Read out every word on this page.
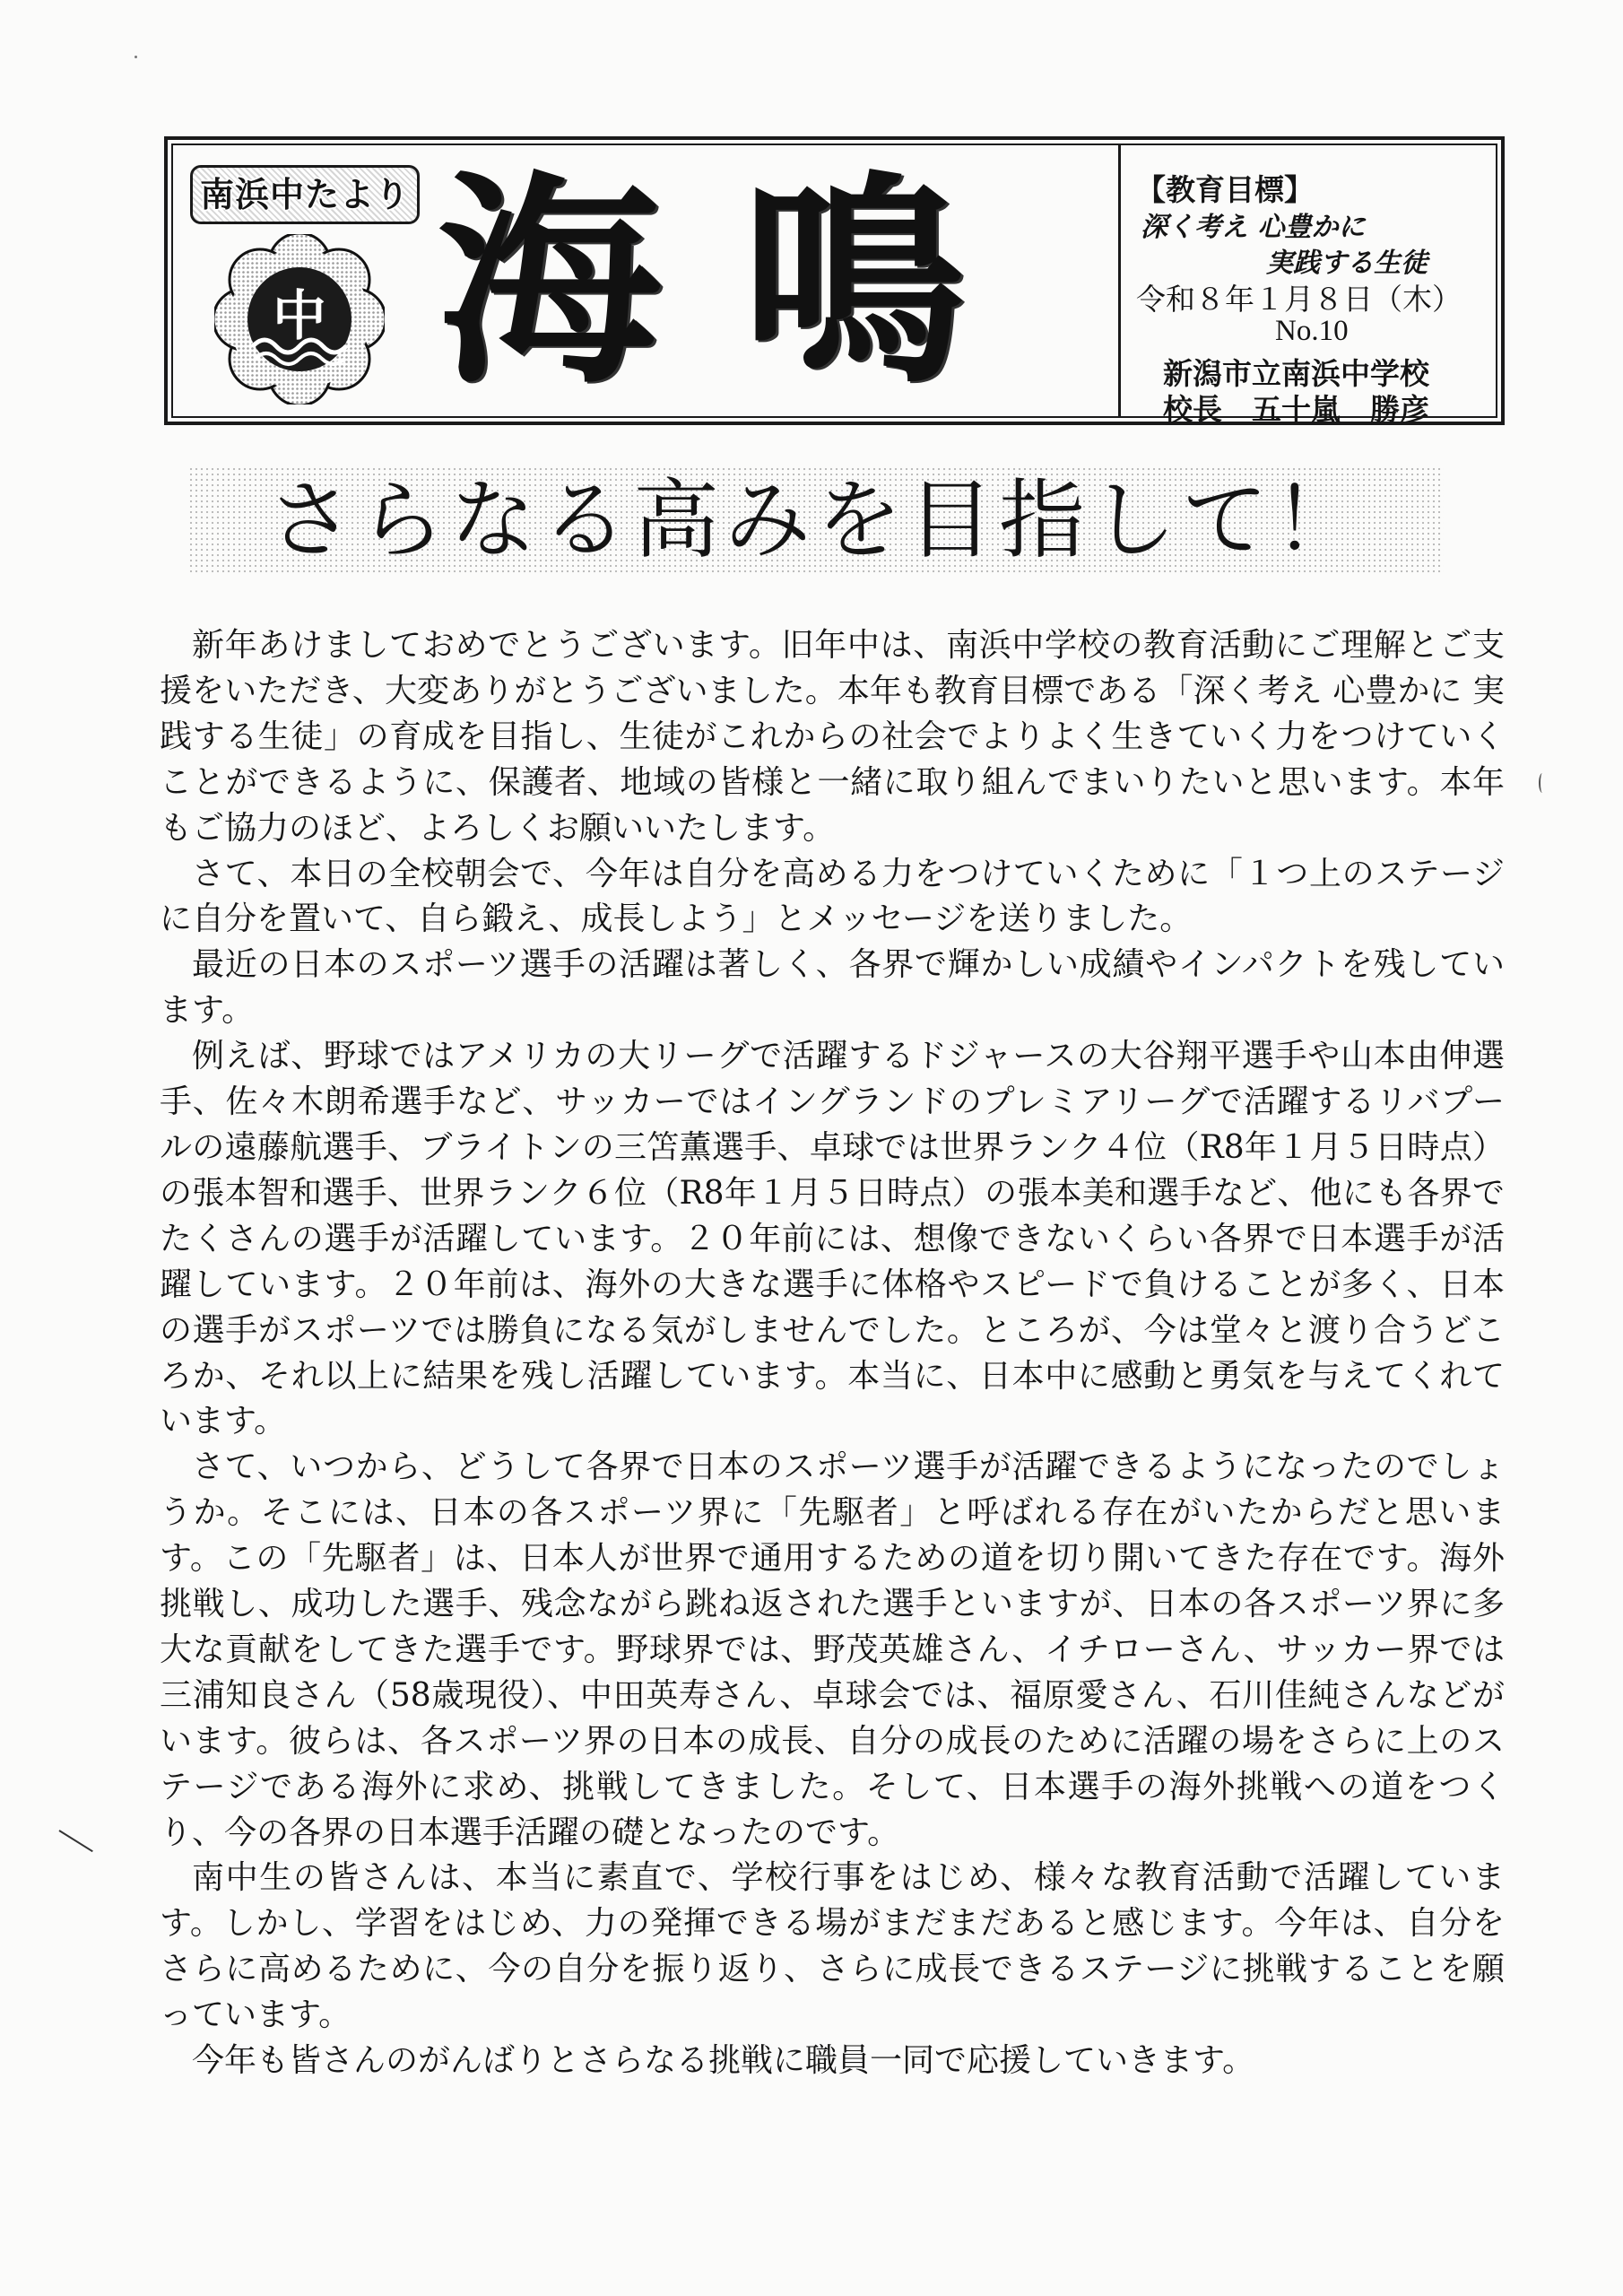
南浜中たより
中 海鳴	【教育目標】
深く考え 心豊かに
実践する生徒
令和８年１月８日（木）
No.10
新潟市立南浜中学校
校長　五十嵐　勝彦
さらなる高みを目指して！

新年あけましておめでとうございます。旧年中は、南浜中学校の教育活動にご理解とご支援をいただき、大変ありがとうございました。本年も教育目標である「深く考え 心豊かに 実践する生徒」の育成を目指し、生徒がこれからの社会でよりよく生きていく力をつけていくことができるように、保護者、地域の皆様と一緒に取り組んでまいりたいと思います。本年もご協力のほど、よろしくお願いいたします。

さて、本日の全校朝会で、今年は自分を高める力をつけていくために「１つ上のステージに自分を置いて、自ら鍛え、成長しよう」とメッセージを送りました。

最近の日本のスポーツ選手の活躍は著しく、各界で輝かしい成績やインパクトを残しています。

例えば、野球ではアメリカの大リーグで活躍するドジャースの大谷翔平選手や山本由伸選手、佐々木朗希選手など、サッカーではイングランドのプレミアリーグで活躍するリバプールの遠藤航選手、ブライトンの三笘薫選手、卓球では世界ランク４位（R8年１月５日時点）の張本智和選手、世界ランク６位（R8年１月５日時点）の張本美和選手など、他にも各界でたくさんの選手が活躍しています。２０年前には、想像できないくらい各界で日本選手が活躍しています。２０年前は、海外の大きな選手に体格やスピードで負けることが多く、日本の選手がスポーツでは勝負になる気がしませんでした。ところが、今は堂々と渡り合うどころか、それ以上に結果を残し活躍しています。本当に、日本中に感動と勇気を与えてくれています。

さて、いつから、どうして各界で日本のスポーツ選手が活躍できるようになったのでしょうか。そこには、日本の各スポーツ界に「先駆者」と呼ばれる存在がいたからだと思います。この「先駆者」は、日本人が世界で通用するための道を切り開いてきた存在です。海外挑戦し、成功した選手、残念ながら跳ね返された選手といますが、日本の各スポーツ界に多大な貢献をしてきた選手です。野球界では、野茂英雄さん、イチローさん、サッカー界では三浦知良さん（58歳現役）、中田英寿さん、卓球会では、福原愛さん、石川佳純さんなどがいます。彼らは、各スポーツ界の日本の成長、自分の成長のために活躍の場をさらに上のステージである海外に求め、挑戦してきました。そして、日本選手の海外挑戦への道をつくり、今の各界の日本選手活躍の礎となったのです。

南中生の皆さんは、本当に素直で、学校行事をはじめ、様々な教育活動で活躍しています。しかし、学習をはじめ、力の発揮できる場がまだまだあると感じます。今年は、自分をさらに高めるために、今の自分を振り返り、さらに成長できるステージに挑戦することを願っています。

今年も皆さんのがんばりとさらなる挑戦に職員一同で応援していきます。
